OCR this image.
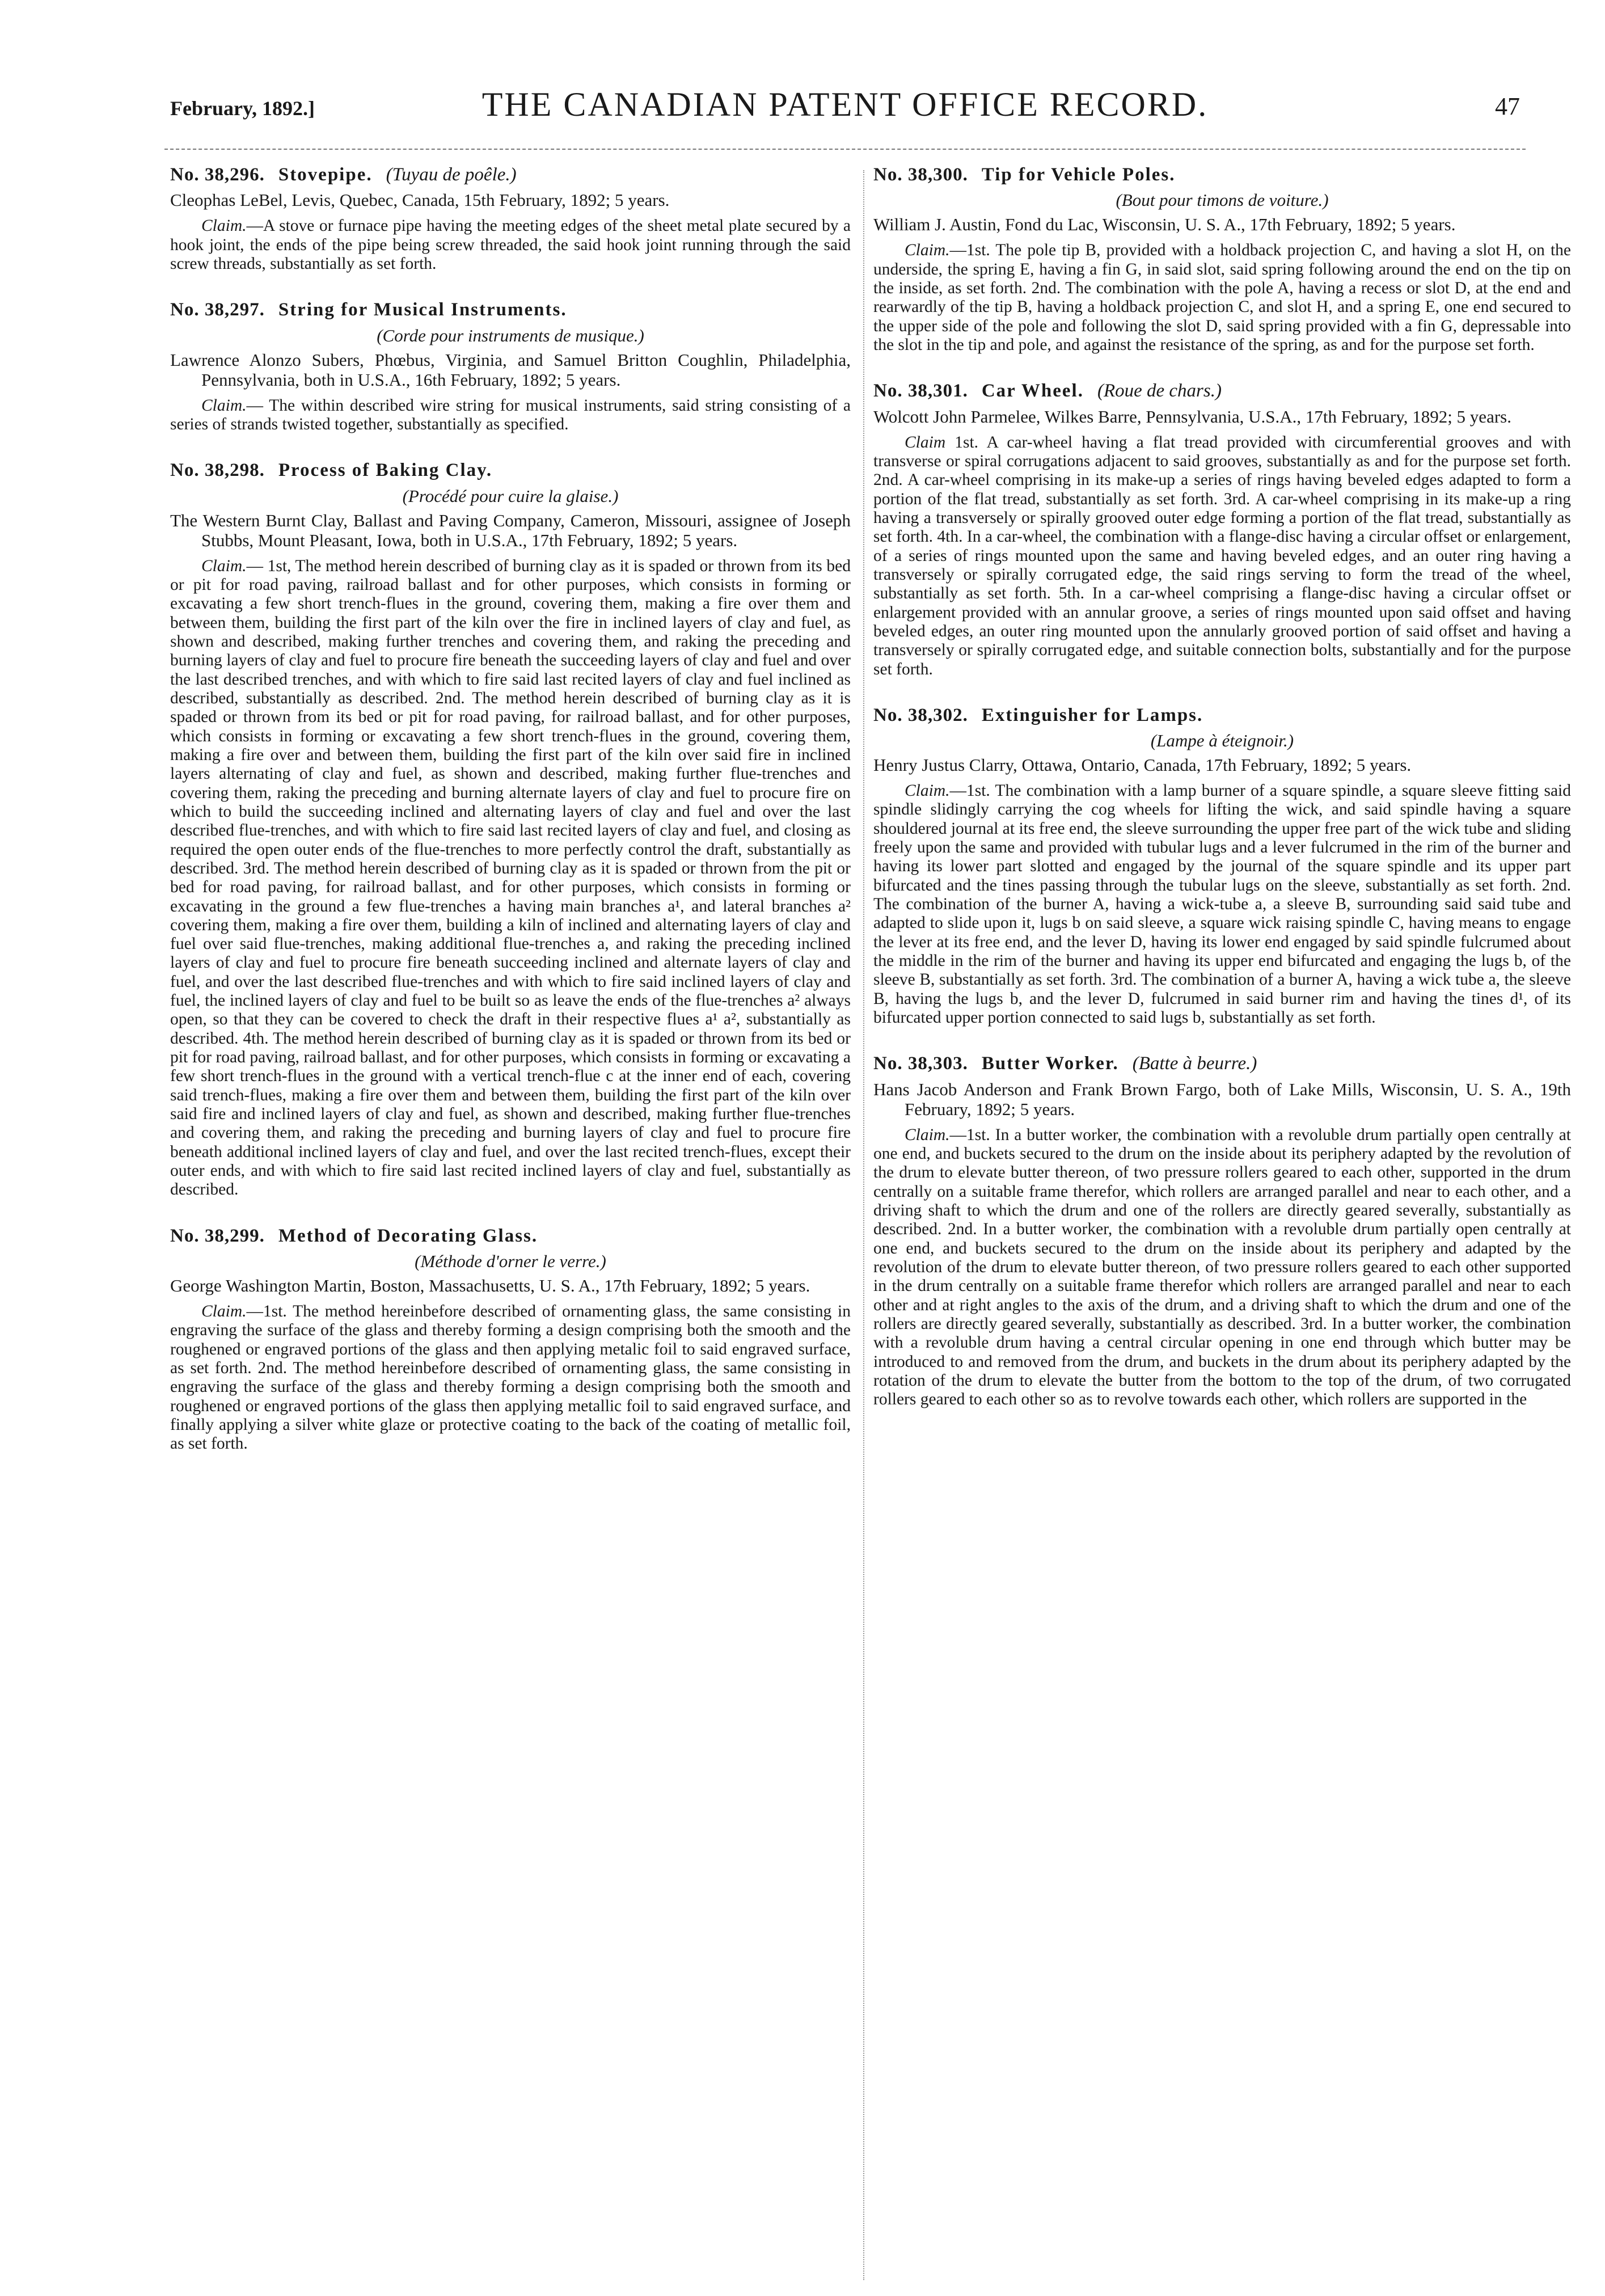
February, 1892.]	THE CANADIAN PATENT OFFICE RECORD.	47
No. 38,296. Stovepipe. (Tuyau de poêle.)

Cleophas LeBel, Levis, Quebec, Canada, 15th February, 1892; 5 years.

Claim.—A stove or furnace pipe having the meeting edges of the sheet metal plate secured by a hook joint, the ends of the pipe being screw threaded, the said hook joint running through the said screw threads, substantially as set forth.

No. 38,297. String for Musical Instruments.

(Corde pour instruments de musique.)

Lawrence Alonzo Subers, Phœbus, Virginia, and Samuel Britton Coughlin, Philadelphia, Pennsylvania, both in U.S.A., 16th February, 1892; 5 years.

Claim.— The within described wire string for musical instruments, said string consisting of a series of strands twisted together, substantially as specified.

No. 38,298. Process of Baking Clay.

(Procédé pour cuire la glaise.)

The Western Burnt Clay, Ballast and Paving Company, Cameron, Missouri, assignee of Joseph Stubbs, Mount Pleasant, Iowa, both in U.S.A., 17th February, 1892; 5 years.

Claim.— 1st, The method herein described of burning clay as it is spaded or thrown from its bed or pit for road paving, railroad ballast and for other purposes, which consists in forming or excavating a few short trench-flues in the ground, covering them, making a fire over them and between them, building the first part of the kiln over the fire in inclined layers of clay and fuel, as shown and described, making further trenches and covering them, and raking the preceding and burning layers of clay and fuel to procure fire beneath the succeeding layers of clay and fuel and over the last described trenches, and with which to fire said last recited layers of clay and fuel inclined as described, substantially as described. 2nd. The method herein described of burning clay as it is spaded or thrown from its bed or pit for road paving, for railroad ballast, and for other purposes, which consists in forming or excavating a few short trench-flues in the ground, covering them, making a fire over and between them, building the first part of the kiln over said fire in inclined layers alternating of clay and fuel, as shown and described, making further flue-trenches and covering them, raking the preceding and burning alternate layers of clay and fuel to procure fire on which to build the succeeding inclined and alternating layers of clay and fuel and over the last described flue-trenches, and with which to fire said last recited layers of clay and fuel, and closing as required the open outer ends of the flue-trenches to more perfectly control the draft, substantially as described. 3rd. The method herein described of burning clay as it is spaded or thrown from the pit or bed for road paving, for railroad ballast, and for other purposes, which consists in forming or excavating in the ground a few flue-trenches a having main branches a¹, and lateral branches a² covering them, making a fire over them, building a kiln of inclined and alternating layers of clay and fuel over said flue-trenches, making additional flue-trenches a, and raking the preceding inclined layers of clay and fuel to procure fire beneath succeeding inclined and alternate layers of clay and fuel, and over the last described flue-trenches and with which to fire said inclined layers of clay and fuel, the inclined layers of clay and fuel to be built so as leave the ends of the flue-trenches a² always open, so that they can be covered to check the draft in their respective flues a¹ a², substantially as described. 4th. The method herein described of burning clay as it is spaded or thrown from its bed or pit for road paving, railroad ballast, and for other purposes, which consists in forming or excavating a few short trench-flues in the ground with a vertical trench-flue c at the inner end of each, covering said trench-flues, making a fire over them and between them, building the first part of the kiln over said fire and inclined layers of clay and fuel, as shown and described, making further flue-trenches and covering them, and raking the preceding and burning layers of clay and fuel to procure fire beneath additional inclined layers of clay and fuel, and over the last recited trench-flues, except their outer ends, and with which to fire said last recited inclined layers of clay and fuel, substantially as described.

No. 38,299. Method of Decorating Glass.

(Méthode d'orner le verre.)

George Washington Martin, Boston, Massachusetts, U. S. A., 17th February, 1892; 5 years.

Claim.—1st. The method hereinbefore described of ornamenting glass, the same consisting in engraving the surface of the glass and thereby forming a design comprising both the smooth and the roughened or engraved portions of the glass and then applying metalic foil to said engraved surface, as set forth. 2nd. The method hereinbefore described of ornamenting glass, the same consisting in engraving the surface of the glass and thereby forming a design comprising both the smooth and roughened or engraved portions of the glass then applying metallic foil to said engraved surface, and finally applying a silver white glaze or protective coating to the back of the coating of metallic foil, as set forth.

No. 38,300. Tip for Vehicle Poles.

(Bout pour timons de voiture.)

William J. Austin, Fond du Lac, Wisconsin, U. S. A., 17th February, 1892; 5 years.

Claim.—1st. The pole tip B, provided with a holdback projection C, and having a slot H, on the underside, the spring E, having a fin G, in said slot, said spring following around the end on the tip on the inside, as set forth. 2nd. The combination with the pole A, having a recess or slot D, at the end and rearwardly of the tip B, having a holdback projection C, and slot H, and a spring E, one end secured to the upper side of the pole and following the slot D, said spring provided with a fin G, depressable into the slot in the tip and pole, and against the resistance of the spring, as and for the purpose set forth.

No. 38,301. Car Wheel. (Roue de chars.)

Wolcott John Parmelee, Wilkes Barre, Pennsylvania, U.S.A., 17th February, 1892; 5 years.

Claim 1st. A car-wheel having a flat tread provided with circumferential grooves and with transverse or spiral corrugations adjacent to said grooves, substantially as and for the purpose set forth. 2nd. A car-wheel comprising in its make-up a series of rings having beveled edges adapted to form a portion of the flat tread, substantially as set forth. 3rd. A car-wheel comprising in its make-up a ring having a transversely or spirally grooved outer edge forming a portion of the flat tread, substantially as set forth. 4th. In a car-wheel, the combination with a flange-disc having a circular offset or enlargement, of a series of rings mounted upon the same and having beveled edges, and an outer ring having a transversely or spirally corrugated edge, the said rings serving to form the tread of the wheel, substantially as set forth. 5th. In a car-wheel comprising a flange-disc having a circular offset or enlargement provided with an annular groove, a series of rings mounted upon said offset and having beveled edges, an outer ring mounted upon the annularly grooved portion of said offset and having a transversely or spirally corrugated edge, and suitable connection bolts, substantially and for the purpose set forth.

No. 38,302. Extinguisher for Lamps.

(Lampe à éteignoir.)

Henry Justus Clarry, Ottawa, Ontario, Canada, 17th February, 1892; 5 years.

Claim.—1st. The combination with a lamp burner of a square spindle, a square sleeve fitting said spindle slidingly carrying the cog wheels for lifting the wick, and said spindle having a square shouldered journal at its free end, the sleeve surrounding the upper free part of the wick tube and sliding freely upon the same and provided with tubular lugs and a lever fulcrumed in the rim of the burner and having its lower part slotted and engaged by the journal of the square spindle and its upper part bifurcated and the tines passing through the tubular lugs on the sleeve, substantially as set forth. 2nd. The combination of the burner A, having a wick-tube a, a sleeve B, surrounding said said tube and adapted to slide upon it, lugs b on said sleeve, a square wick raising spindle C, having means to engage the lever at its free end, and the lever D, having its lower end engaged by said spindle fulcrumed about the middle in the rim of the burner and having its upper end bifurcated and engaging the lugs b, of the sleeve B, substantially as set forth. 3rd. The combination of a burner A, having a wick tube a, the sleeve B, having the lugs b, and the lever D, fulcrumed in said burner rim and having the tines d¹, of its bifurcated upper portion connected to said lugs b, substantially as set forth.

No. 38,303. Butter Worker. (Batte à beurre.)

Hans Jacob Anderson and Frank Brown Fargo, both of Lake Mills, Wisconsin, U. S. A., 19th February, 1892; 5 years.

Claim.—1st. In a butter worker, the combination with a revoluble drum partially open centrally at one end, and buckets secured to the drum on the inside about its periphery adapted by the revolution of the drum to elevate butter thereon, of two pressure rollers geared to each other, supported in the drum centrally on a suitable frame therefor, which rollers are arranged parallel and near to each other, and a driving shaft to which the drum and one of the rollers are directly geared severally, substantially as described. 2nd. In a butter worker, the combination with a revoluble drum partially open centrally at one end, and buckets secured to the drum on the inside about its periphery and adapted by the revolution of the drum to elevate butter thereon, of two pressure rollers geared to each other supported in the drum centrally on a suitable frame therefor which rollers are arranged parallel and near to each other and at right angles to the axis of the drum, and a driving shaft to which the drum and one of the rollers are directly geared severally, substantially as described. 3rd. In a butter worker, the combination with a revoluble drum having a central circular opening in one end through which butter may be introduced to and removed from the drum, and buckets in the drum about its periphery adapted by the rotation of the drum to elevate the butter from the bottom to the top of the drum, of two corrugated rollers geared to each other so as to revolve towards each other, which rollers are supported in the
